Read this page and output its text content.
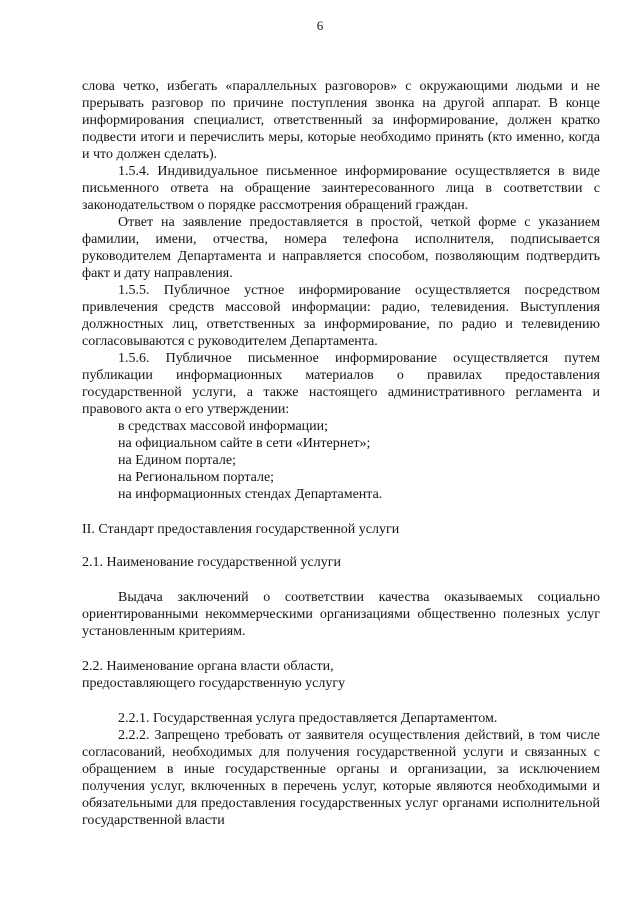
6

слова четко, избегать «параллельных разговоров» с окружающими людьми и не прерывать разговор по причине поступления звонка на другой аппарат. В конце информирования специалист, ответственный за информирование, должен кратко подвести итоги и перечислить меры, которые необходимо принять (кто именно, когда и что должен сделать).

1.5.4. Индивидуальное письменное информирование осуществляется в виде письменного ответа на обращение заинтересованного лица в соответствии с законодательством о порядке рассмотрения обращений граждан.

Ответ на заявление предоставляется в простой, четкой форме с указанием фамилии, имени, отчества, номера телефона исполнителя, подписывается руководителем Департамента и направляется способом, позволяющим подтвердить факт и дату направления.

1.5.5. Публичное устное информирование осуществляется посредством привлечения средств массовой информации: радио, телевидения. Выступления должностных лиц, ответственных за информирование, по радио и телевидению согласовываются с руководителем Департамента.

1.5.6. Публичное письменное информирование осуществляется путем публикации информационных материалов о правилах предоставления государственной услуги, а также настоящего административного регламента и правового акта о его утверждении:

в средствах массовой информации;
на официальном сайте в сети «Интернет»;
на Едином портале;
на Региональном портале;
на информационных стендах Департамента.

II. Стандарт предоставления государственной услуги

2.1. Наименование государственной услуги

Выдача заключений о соответствии качества оказываемых социально ориентированными некоммерческими организациями общественно полезных услуг установленным критериям.

2.2. Наименование органа власти области,

предоставляющего государственную услугу

2.2.1. Государственная услуга предоставляется Департаментом.

2.2.2. Запрещено требовать от заявителя осуществления действий, в том числе согласований, необходимых для получения государственной услуги и связанных с обращением в иные государственные органы и организации, за исключением получения услуг, включенных в перечень услуг, которые являются необходимыми и обязательными для предоставления государственных услуг органами исполнительной государственной власти
